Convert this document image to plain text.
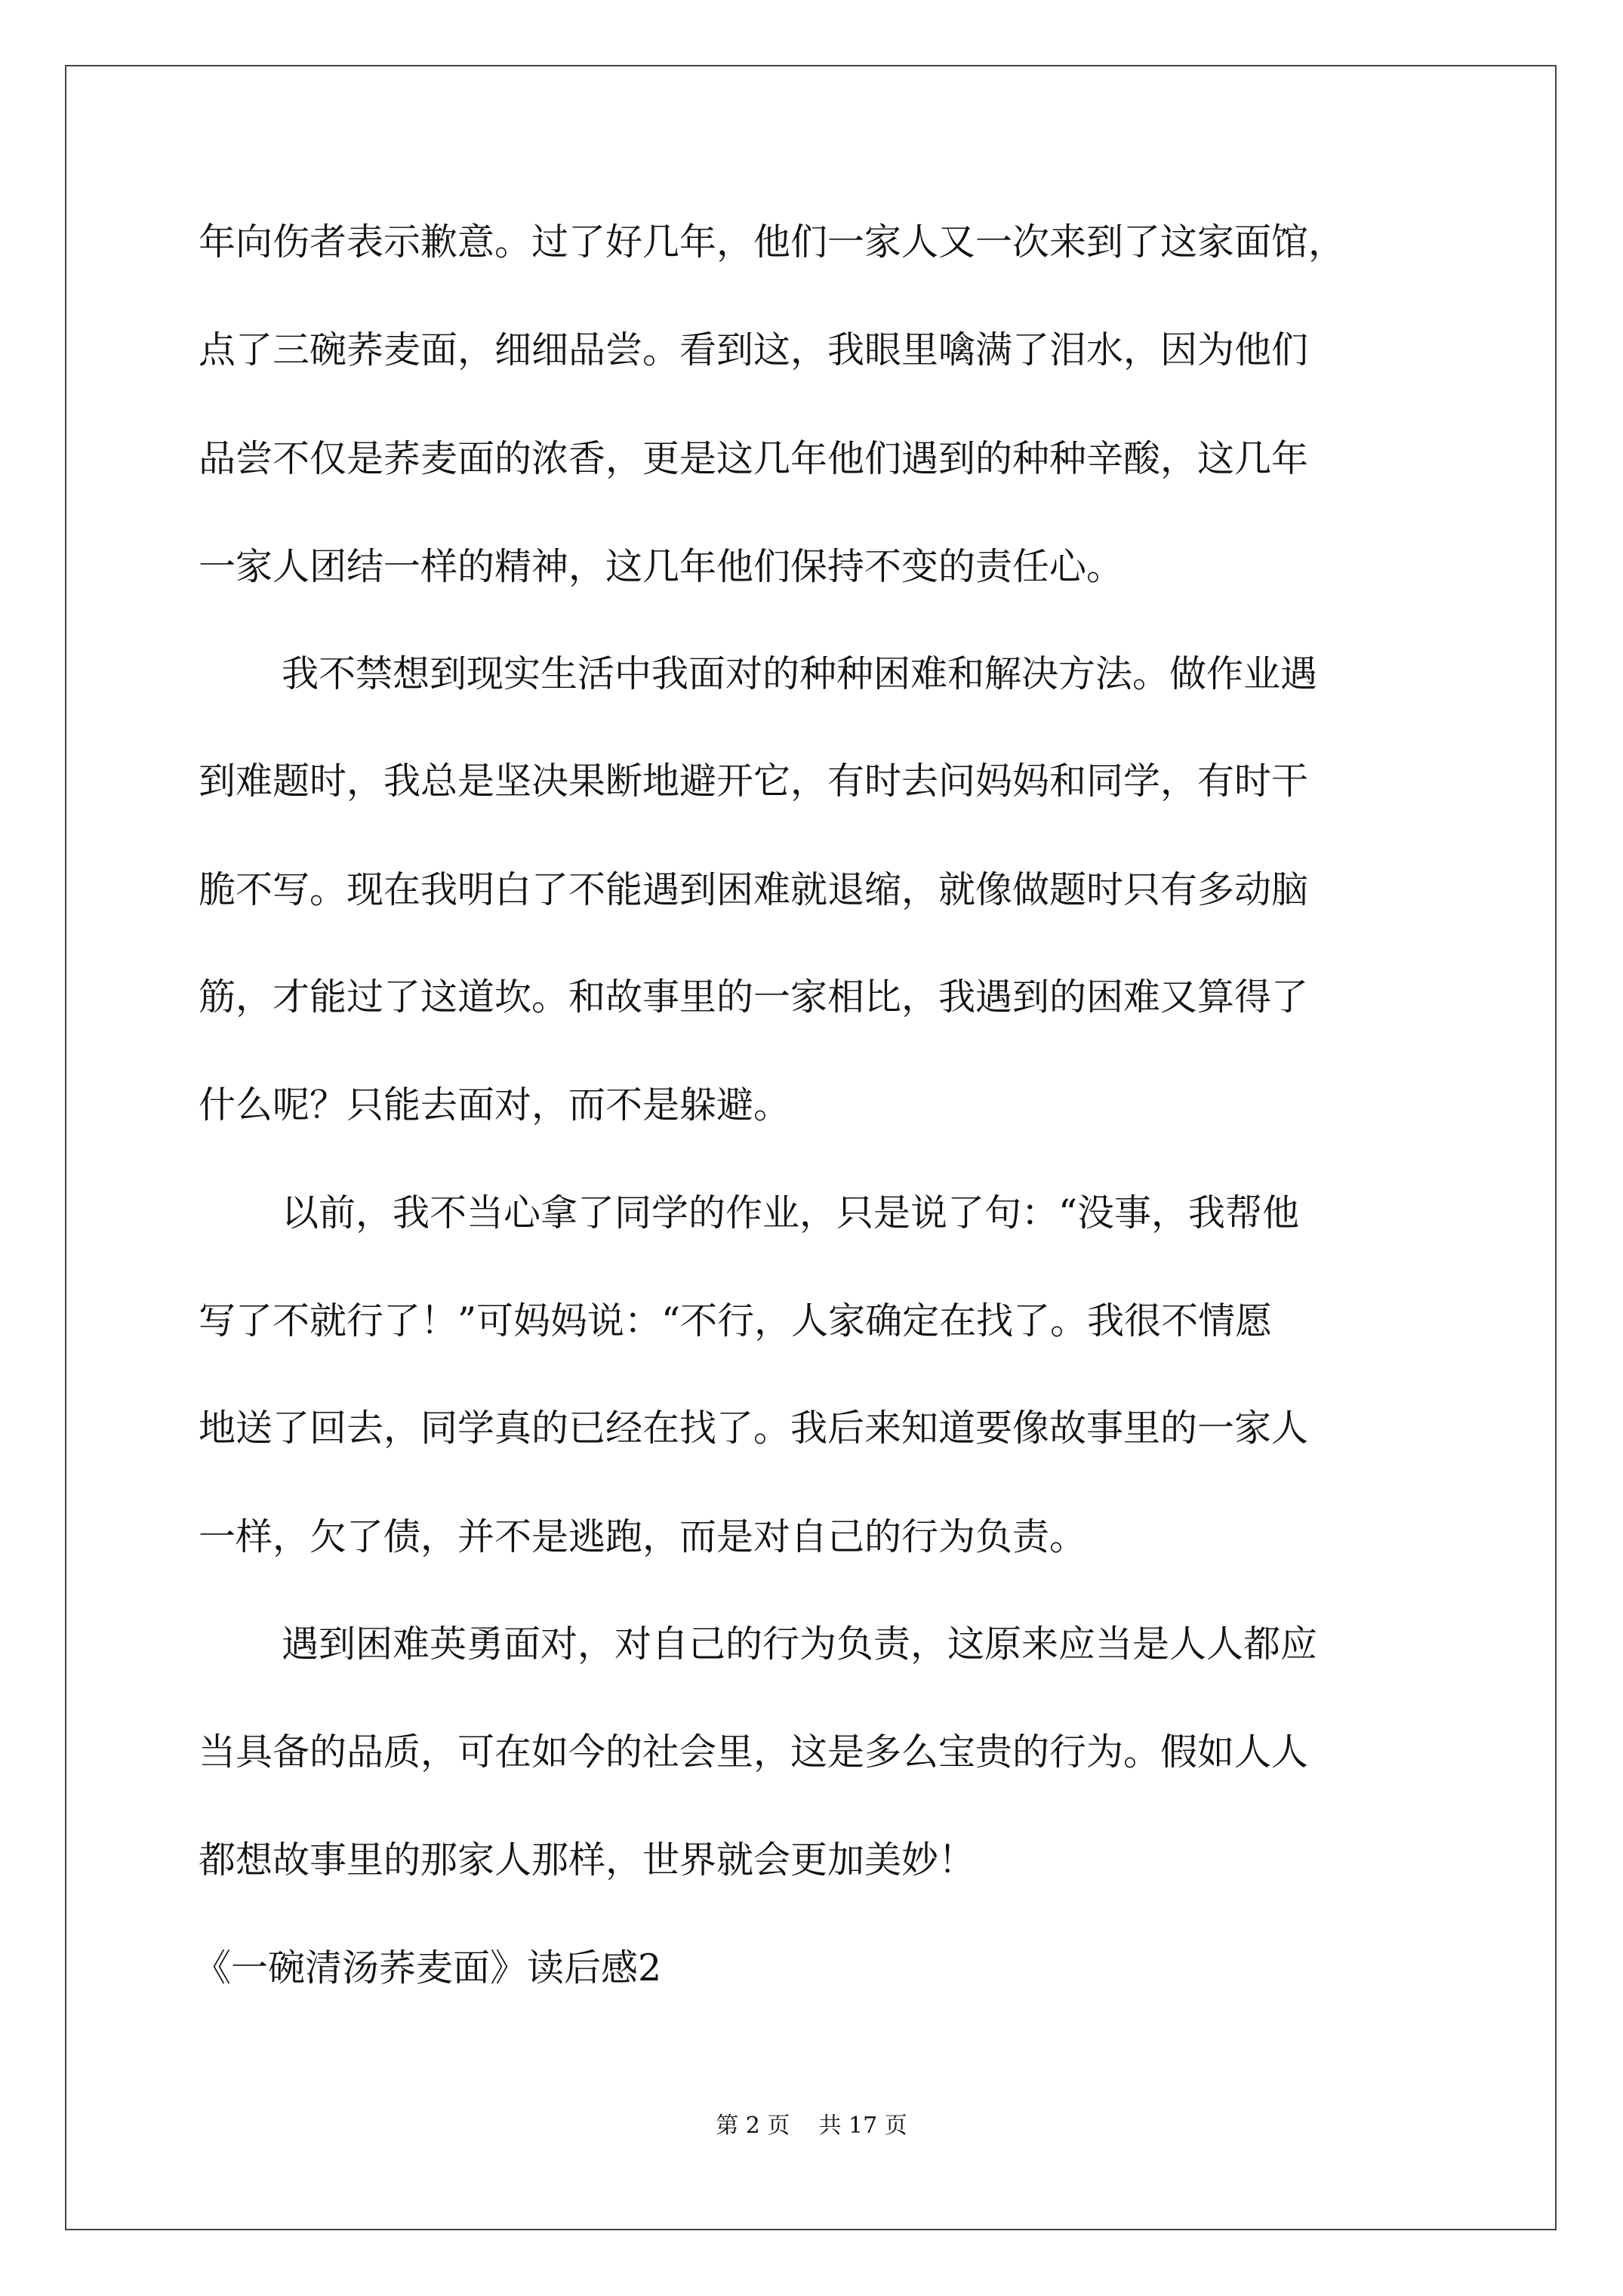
年向伤者表示歉意。过了好几年，他们一家人又一次来到了这家面馆，

点了三碗荞麦面，细细品尝。看到这，我眼里噙满了泪水，因为他们

品尝不仅是荞麦面的浓香，更是这几年他们遇到的种种辛酸，这几年

一家人团结一样的精神，这几年他们保持不变的责任心。

我不禁想到现实生活中我面对的种种困难和解决方法。做作业遇

到难题时，我总是坚决果断地避开它，有时去问妈妈和同学，有时干

脆不写。现在我明白了不能遇到困难就退缩，就像做题时只有多动脑

筋，才能过了这道坎。和故事里的一家相比，我遇到的困难又算得了

什么呢？只能去面对，而不是躲避。

以前，我不当心拿了同学的作业，只是说了句：“没事，我帮他

写了不就行了！”可妈妈说：“不行，人家确定在找了。我很不情愿

地送了回去，同学真的已经在找了。我后来知道要像故事里的一家人

一样，欠了债，并不是逃跑，而是对自己的行为负责。

遇到困难英勇面对，对自己的行为负责，这原来应当是人人都应

当具备的品质，可在如今的社会里，这是多么宝贵的行为。假如人人

都想故事里的那家人那样，世界就会更加美妙！

《一碗清汤荞麦面》读后感2

第 2 页    共 17 页
